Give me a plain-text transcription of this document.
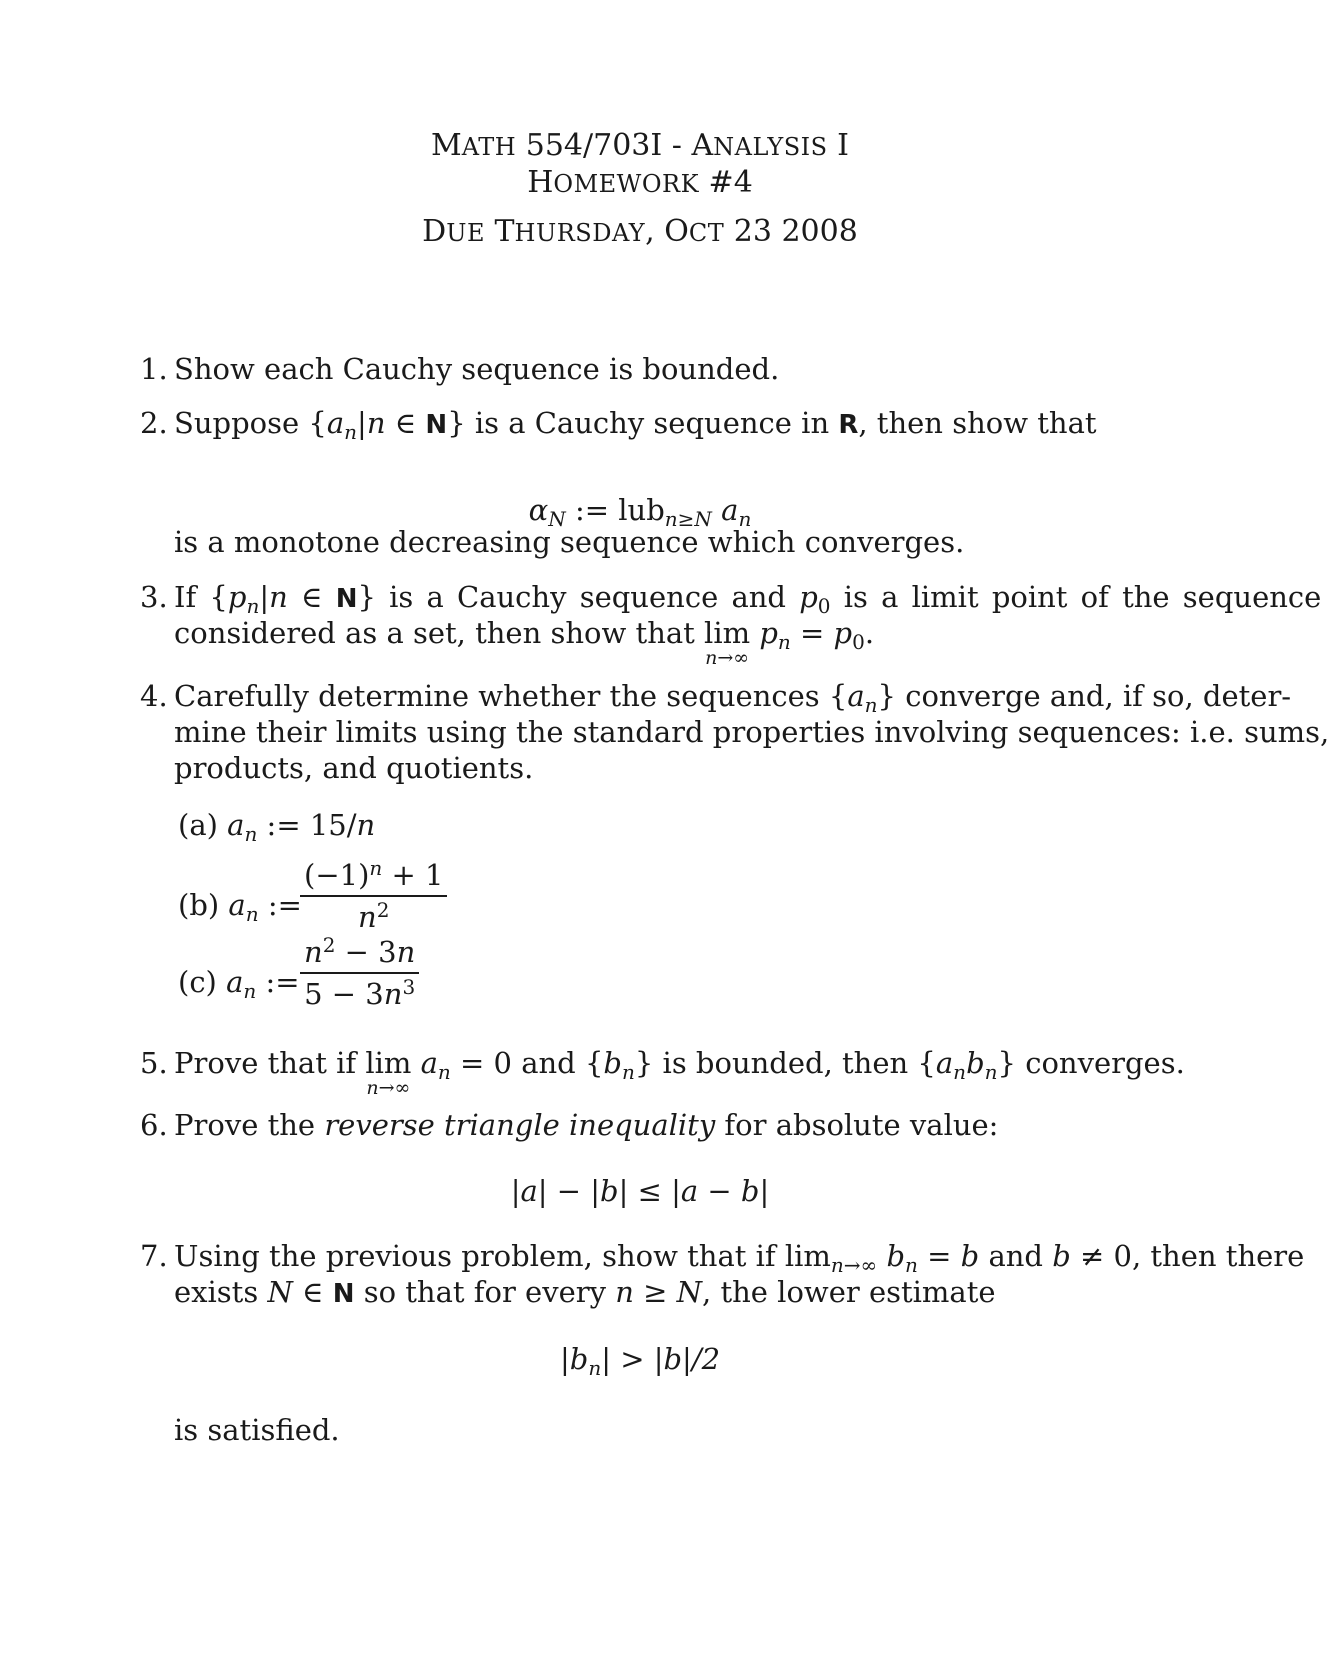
MATH 554/703I - ANALYSIS I
HOMEWORK #4
DUE THURSDAY, OCT 23 2008
1. Show each Cauchy sequence is bounded.
2. Suppose {$a_n|n$ ∈ N} is a Cauchy sequence in R, then show that
$\alpha_N$ := lub$_{n\ge N}$ $a_n$
is a monotone decreasing sequence which converges.
3. If {$p_n|n$ ∈ N} is a Cauchy sequence and $p_0$ is a limit point of the sequence
considered as a set, then show that lim
n→∞
$p_n = p_0$.
4. Carefully determine whether the sequences $\{a_n\}$ converge and, if so, deter-
mine their limits using the standard properties involving sequences: i.e. sums,
products, and quotients.
(a) $a_n$ := 15/n
(b) $a_n$ :=
$\frac{(-1)^n + 1}{n^2}$
(c) $a_n$ := $\frac{n^2 - 3n}{5 - 3n^3}$
5. Prove that if lim
n→∞
$a_n = 0$ and $\{b_n\}$ is bounded, then $\{a_nb_n\}$ converges.
6. Prove the reverse triangle inequality for absolute value:
|a| − |b| ≤ |a − b|
7. Using the previous problem, show that if $\lim_{n\to\infty} b_n = b$ and b ≠ 0, then there
exists N ∈ N so that for every n ≥ N, the lower estimate
$|b_n| > |b|/2$
is satisfied.
